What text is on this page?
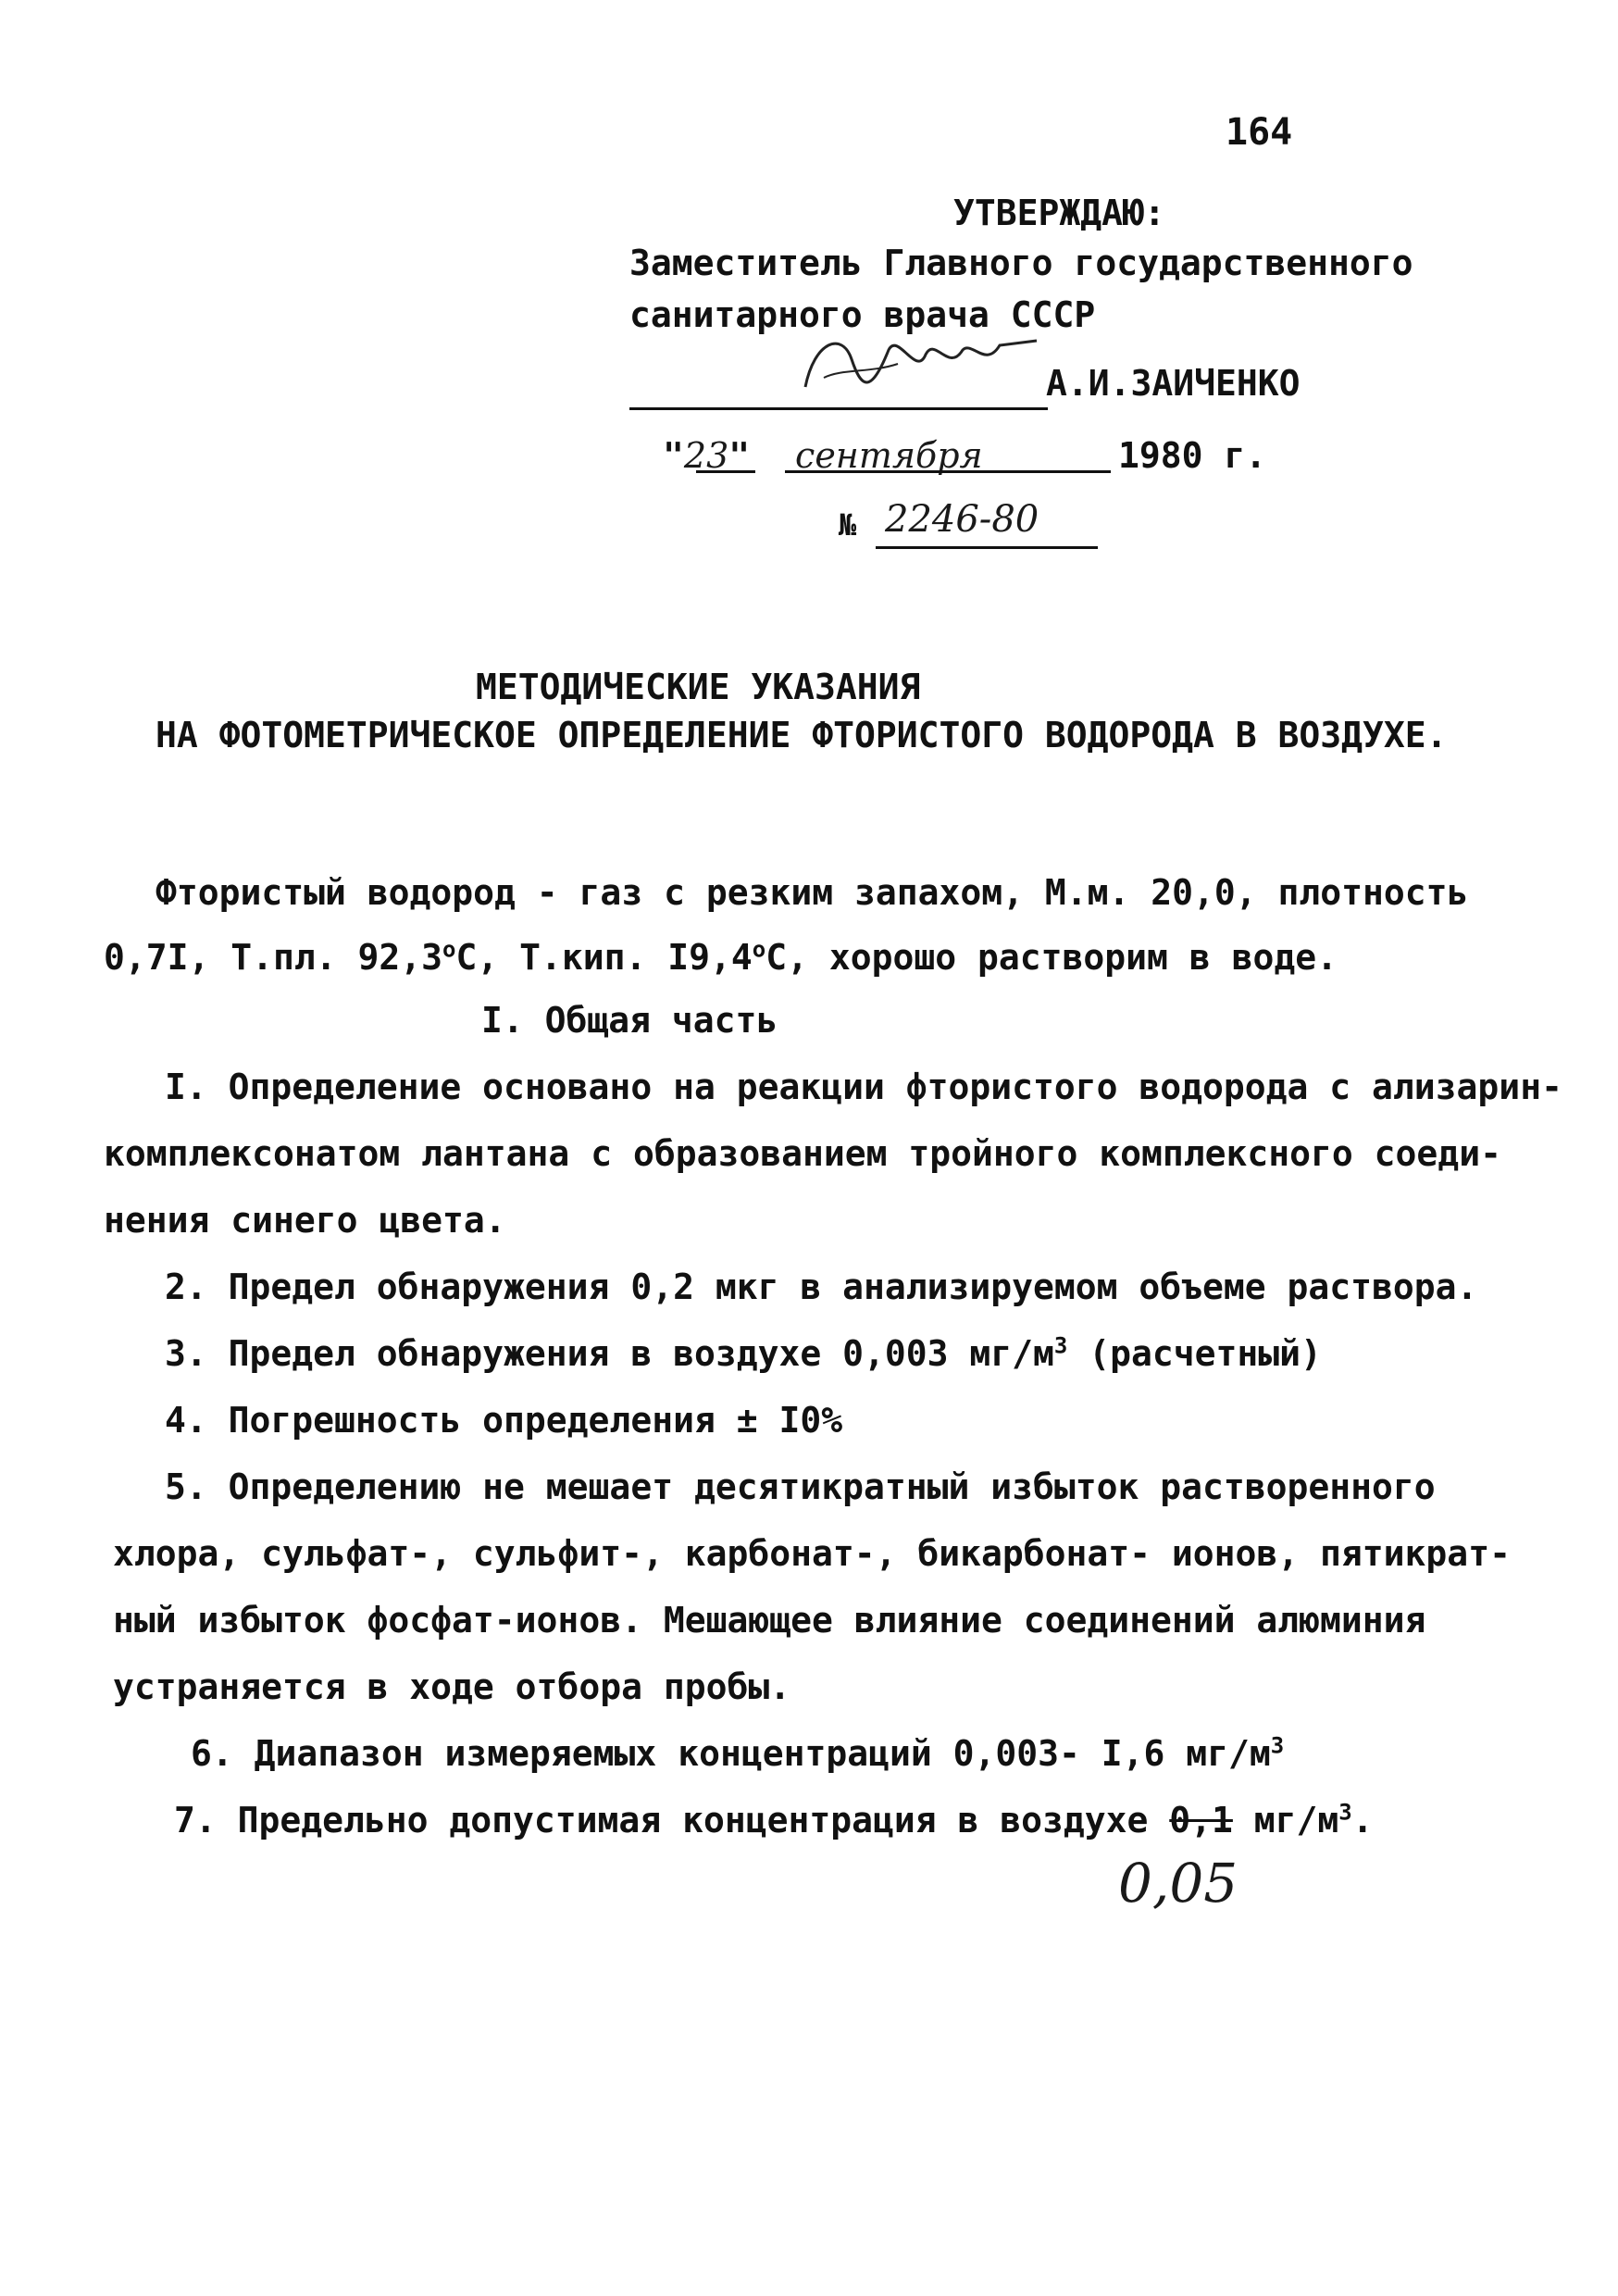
164
УТВЕРЖДАЮ:
Заместитель Главного государственного
санитарного врача СССР
А.И.ЗАИЧЕНКО
"23" сентября	1980 г.
№ 2246-80
МЕТОДИЧЕСКИЕ УКАЗАНИЯ
НА ФОТОМЕТРИЧЕСКОЕ ОПРЕДЕЛЕНИЕ ФТОРИСТОГО ВОДОРОДА В ВОЗДУХЕ.
Фтористый водород - газ с резким запахом, М.м. 20,0, плотность
0,7I, Т.пл. $92,3^оС$, Т.кип. $I9,4^оС$, хорошо растворим в воде.
I. Общая часть
I. Определение основано на реакции фтористого водорода с ализарин-
комплексонатом лантана с образованием тройного комплексного соеди-
нения синего цвета.
2. Предел обнаружения 0,2 мкг в анализируемом объеме раствора.
3. Предел обнаружения в воздухе 0,003 $мг/м^3$ (расчетный)
4. Погрешность определения ± I0%
5. Определению не мешает десятикратный избыток растворенного
хлора, сульфат-, сульфит-, карбонат-, бикарбонат- ионов, пятикрат-
ный избыток фосфат-ионов. Мешающее влияние соединений алюминия
устраняется в ходе отбора пробы.
6. Диапазон измеряемых концентраций 0,003- I,6 $мг/м^3$
7. Предельно допустимая концентрация в воздухе 0,1 $мг/м^3$.
0,05
